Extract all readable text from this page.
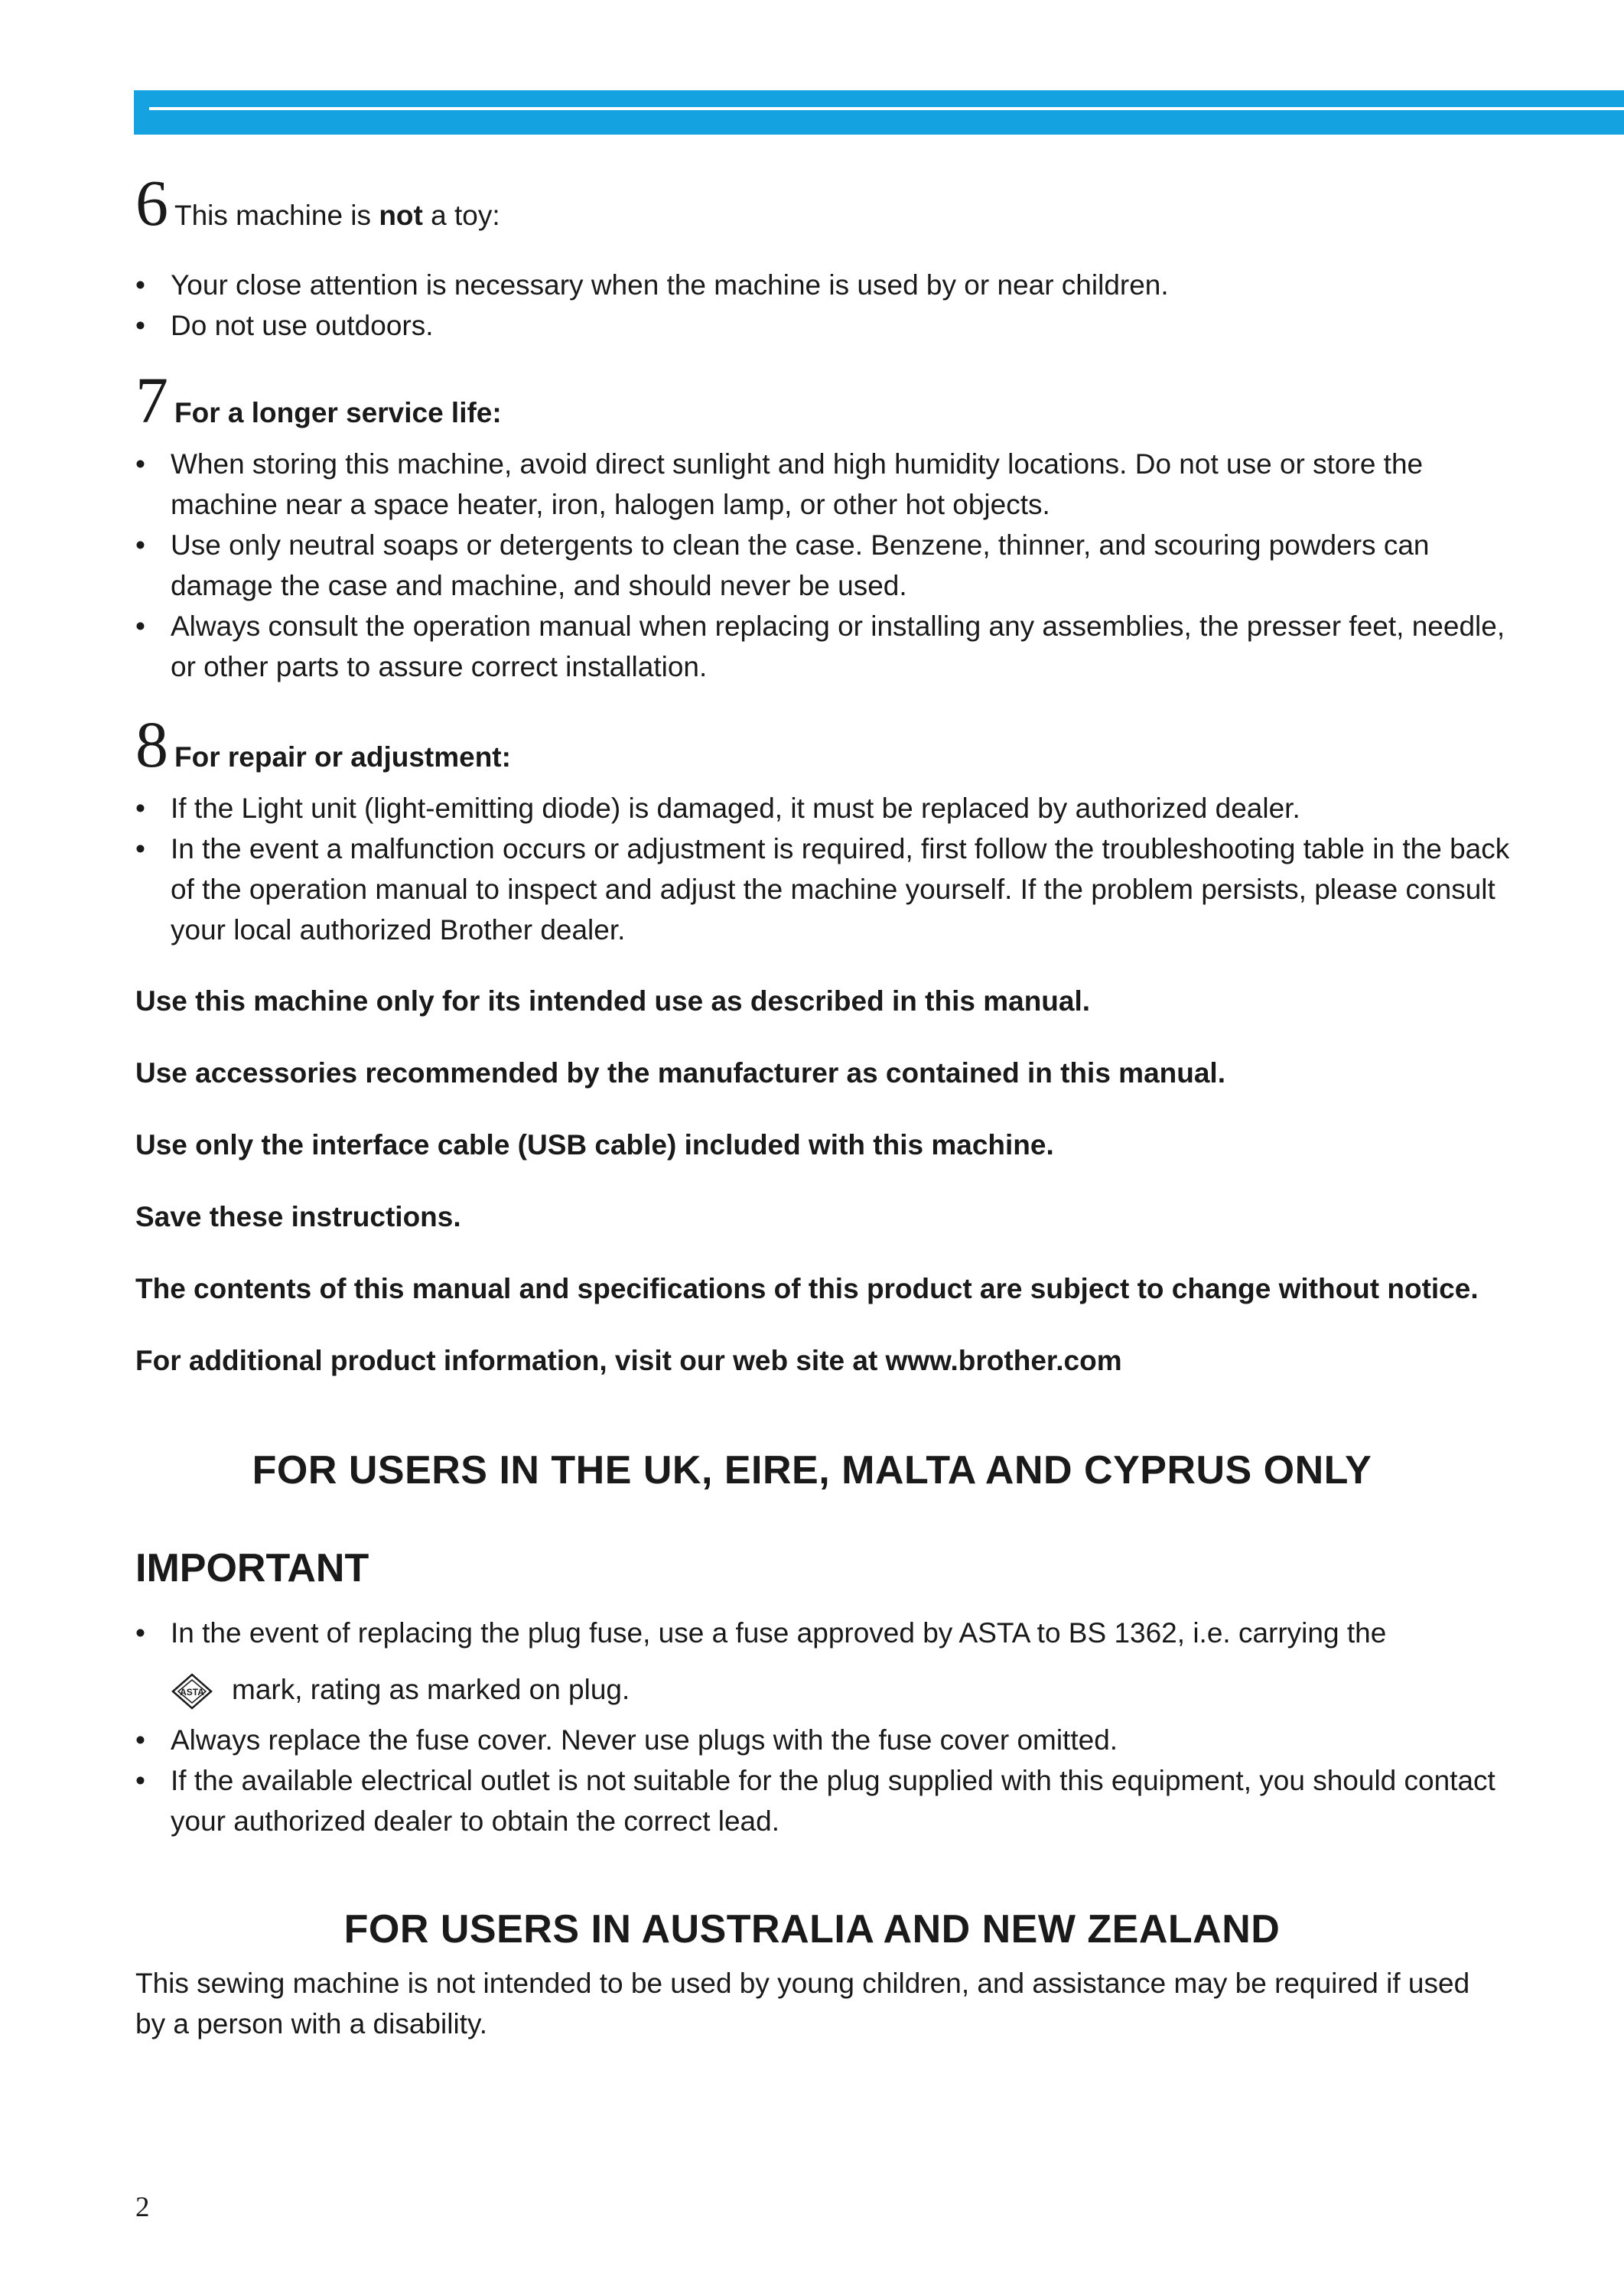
6 This machine is not a toy:
• Your close attention is necessary when the machine is used by or near children.
• Do not use outdoors.
7 For a longer service life:
• When storing this machine, avoid direct sunlight and high humidity locations. Do not use or store the machine near a space heater, iron, halogen lamp, or other hot objects.
• Use only neutral soaps or detergents to clean the case. Benzene, thinner, and scouring powders can damage the case and machine, and should never be used.
• Always consult the operation manual when replacing or installing any assemblies, the presser feet, needle, or other parts to assure correct installation.
8 For repair or adjustment:
• If the Light unit (light-emitting diode) is damaged, it must be replaced by authorized dealer.
• In the event a malfunction occurs or adjustment is required, first follow the troubleshooting table in the back of the operation manual to inspect and adjust the machine yourself. If the problem persists, please consult your local authorized Brother dealer.
Use this machine only for its intended use as described in this manual.
Use accessories recommended by the manufacturer as contained in this manual.
Use only the interface cable (USB cable) included with this machine.
Save these instructions.
The contents of this manual and specifications of this product are subject to change without notice.
For additional product information, visit our web site at www.brother.com
FOR USERS IN THE UK, EIRE, MALTA AND CYPRUS ONLY
IMPORTANT
• In the event of replacing the plug fuse, use a fuse approved by ASTA to BS 1362, i.e. carrying the
ASTA mark, rating as marked on plug.
• Always replace the fuse cover. Never use plugs with the fuse cover omitted.
• If the available electrical outlet is not suitable for the plug supplied with this equipment, you should contact your authorized dealer to obtain the correct lead.
FOR USERS IN AUSTRALIA AND NEW ZEALAND
This sewing machine is not intended to be used by young children, and assistance may be required if used by a person with a disability.
2
